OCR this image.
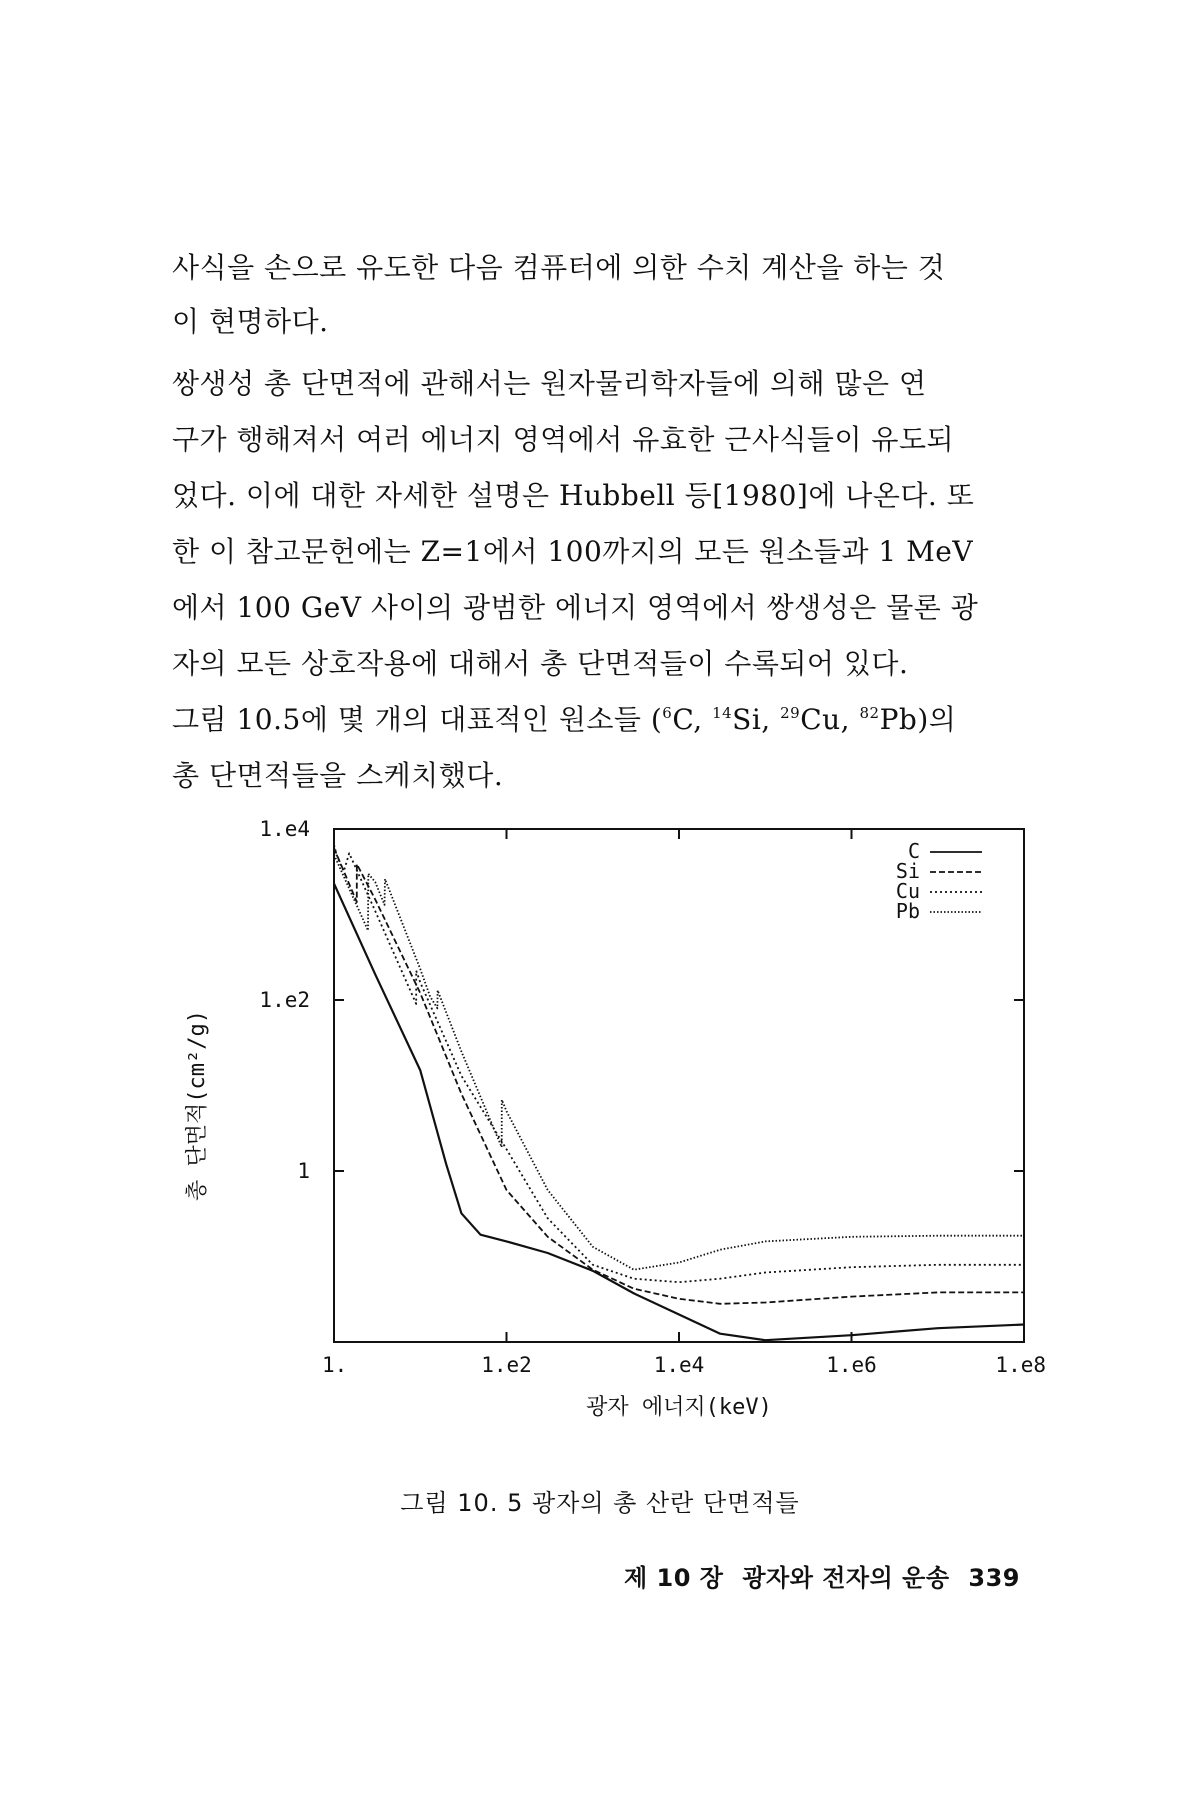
사식을 손으로 유도한 다음 컴퓨터에 의한 수치 계산을 하는 것
이 현명하다.
쌍생성 총 단면적에 관해서는 원자물리학자들에 의해 많은 연
구가 행해져서 여러 에너지 영역에서 유효한 근사식들이 유도되
었다. 이에 대한 자세한 설명은 Hubbell 등[1980]에 나온다. 또
한 이 참고문헌에는 Z=1에서 100까지의 모든 원소들과 1 MeV
에서 100 GeV 사이의 광범한 에너지 영역에서 쌍생성은 물론 광
자의 모든 상호작용에 대해서 총 단면적들이 수록되어 있다.
그림 10.5에 몇 개의 대표적인 원소들 ($^6$C, $^{14}$Si, $^{29}$Cu, $^{82}$Pb)의
총 단면적들을 스케치했다.
1.	1.e2	1.e4	1.e6	1.e8
1.e4
1.e2
1
광자 에너지(keV)
총 단면적(cm²/g)
C
Si
Cu
Pb
그림 10. 5 광자의 총 산란 단면적들
제 10 장 광자와 전자의 운송 339
